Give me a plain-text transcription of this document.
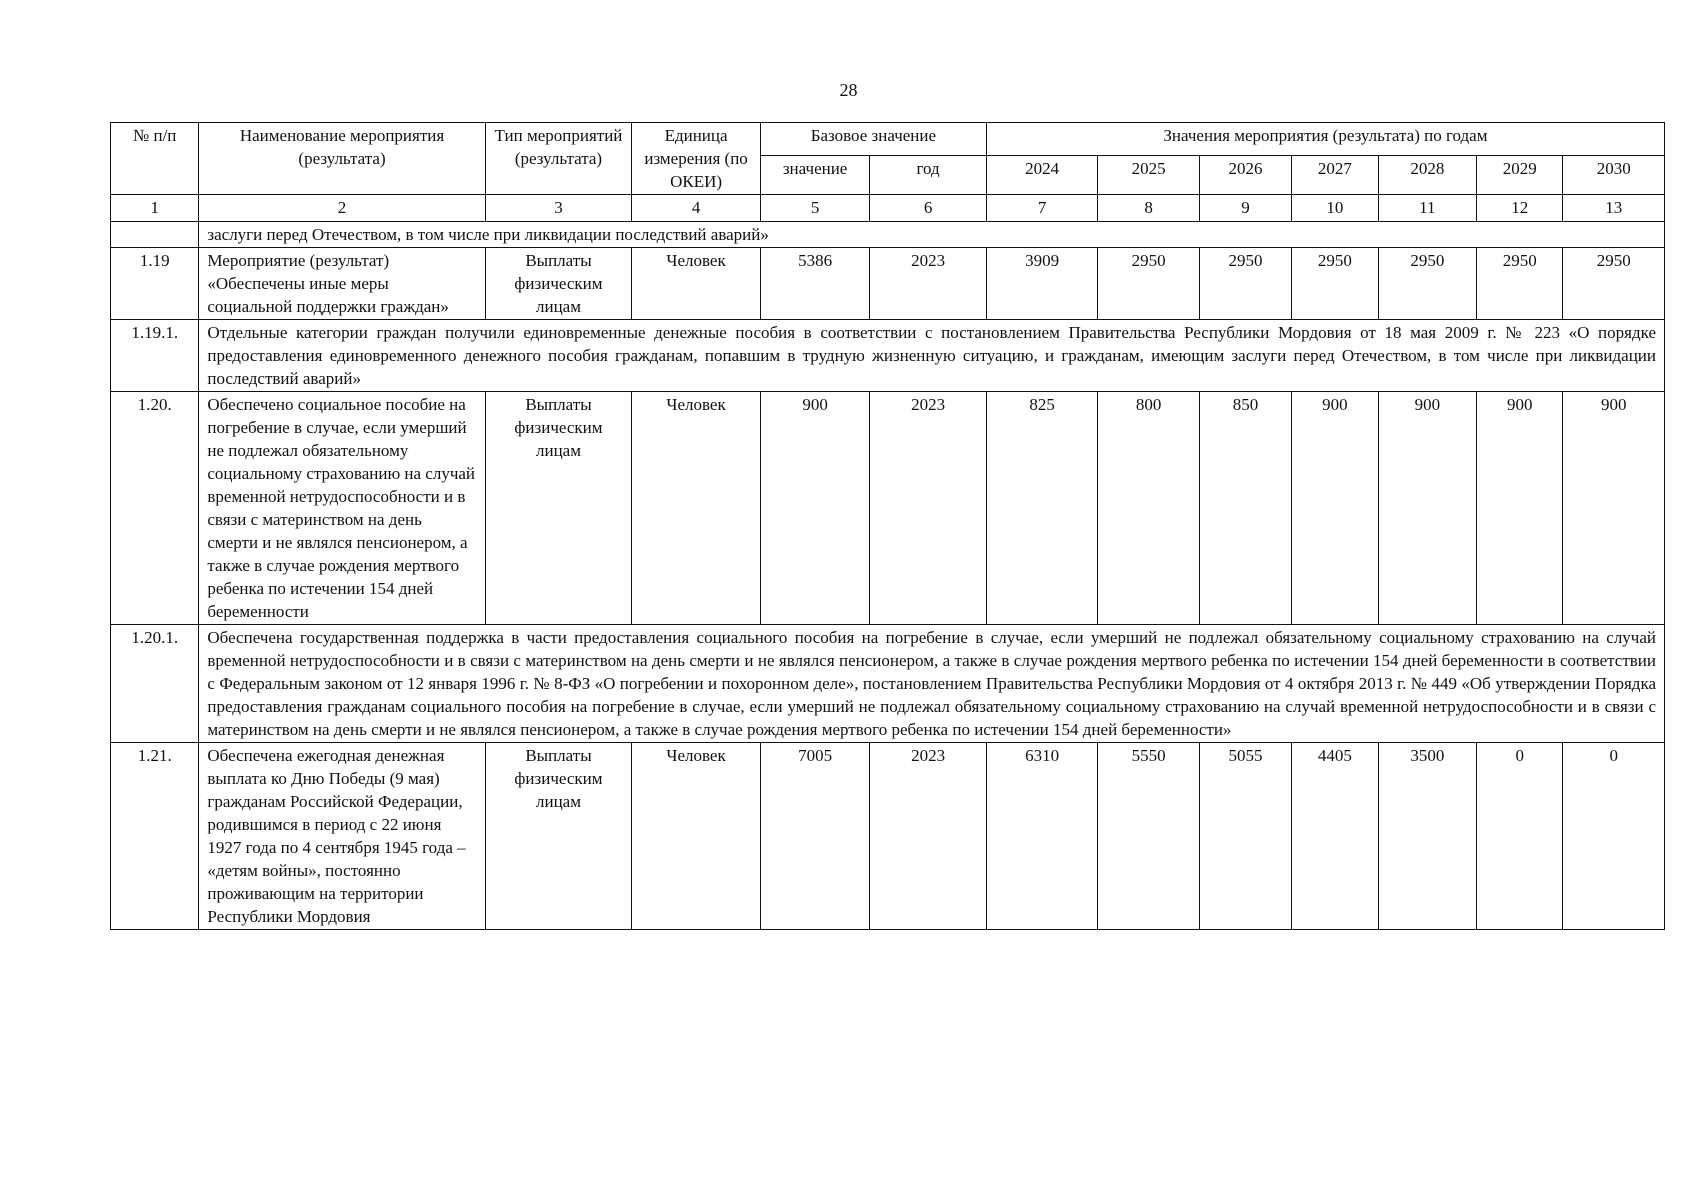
28
№ п/п	Наименование мероприятия (результата)	Тип мероприятий (результата)	Единица измерения (по ОКЕИ)	Базовое значение		Значения мероприятия (результата) по годам						
				значение	год	2024	2025	2026	2027	2028	2029	2030
1	2	3	4	5	6	7	8	9	10	11	12	13
	заслуги перед Отечеством, в том числе при ликвидации последствий аварий»											
1.19	Мероприятие (результат) «Обеспечены иные меры социальной поддержки граждан»	Выплаты физическим лицам	Человек	5386	2023	3909	2950	2950	2950	2950	2950	2950
1.19.1.	Отдельные категории граждан получили единовременные денежные пособия в соответствии с постановлением Правительства Республики Мордовия от 18 мая 2009 г. № 223 «О порядке предоставления единовременного денежного пособия гражданам, попавшим в трудную жизненную ситуацию, и гражданам, имеющим заслуги перед Отечеством, в том числе при ликвидации последствий аварий»											
1.20.	Обеспечено социальное пособие на погребение в случае, если умерший не подлежал обязательному социальному страхованию на случай временной нетрудоспособности и в связи с материнством на день смерти и не являлся пенсионером, а также в случае рождения мертвого ребенка по истечении 154 дней беременности	Выплаты физическим лицам	Человек	900	2023	825	800	850	900	900	900	900
1.20.1.	Обеспечена государственная поддержка в части предоставления социального пособия на погребение в случае, если умерший не подлежал обязательному социальному страхованию на случай временной нетрудоспособности и в связи с материнством на день смерти и не являлся пенсионером, а также в случае рождения мертвого ребенка по истечении 154 дней беременности в соответствии с Федеральным законом от 12 января 1996 г. № 8-ФЗ «О погребении и похоронном деле», постановлением Правительства Республики Мордовия от 4 октября 2013 г. № 449 «Об утверждении Порядка предоставления гражданам социального пособия на погребение в случае, если умерший не подлежал обязательному социальному страхованию на случай временной нетрудоспособности и в связи с материнством на день смерти и не являлся пенсионером, а также в случае рождения мертвого ребенка по истечении 154 дней беременности»											
1.21.	Обеспечена ежегодная денежная выплата ко Дню Победы (9 мая) гражданам Российской Федерации, родившимся в период с 22 июня 1927 года по 4 сентября 1945 года – «детям войны», постоянно проживающим на территории Республики Мордовия	Выплаты физическим лицам	Человек	7005	2023	6310	5550	5055	4405	3500	0	0
